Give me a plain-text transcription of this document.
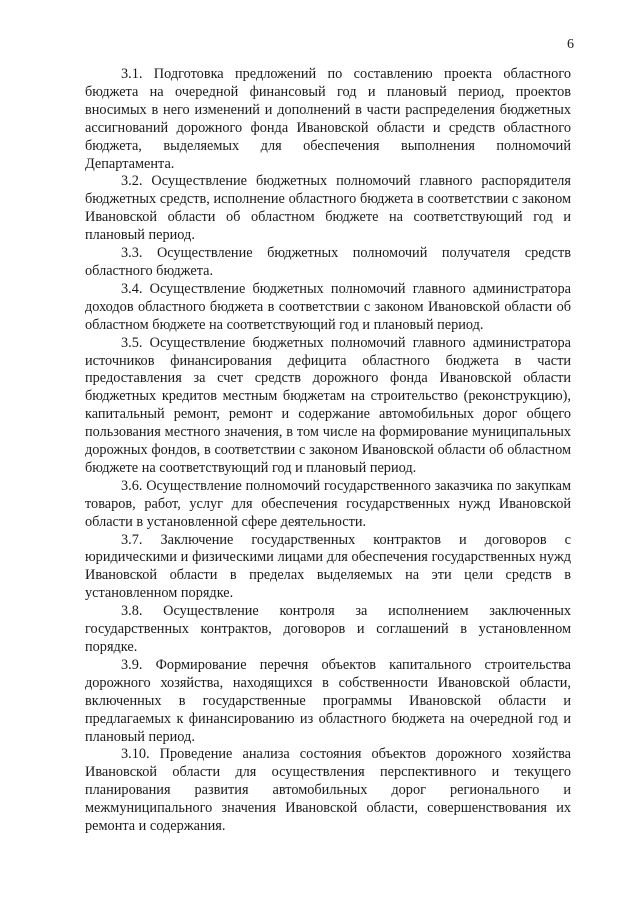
6

3.1. Подготовка предложений по составлению проекта областного бюджета на очередной финансовый год и плановый период, проектов вносимых в него изменений и дополнений в части распределения бюджетных ассигнований дорожного фонда Ивановской области и средств областного бюджета, выделяемых для обеспечения выполнения полномочий Департамента.

3.2. Осуществление бюджетных полномочий главного распорядителя бюджетных средств, исполнение областного бюджета в соответствии с законом Ивановской области об областном бюджете на соответствующий год и плановый период.

3.3. Осуществление бюджетных полномочий получателя средств областного бюджета.

3.4. Осуществление бюджетных полномочий главного администратора доходов областного бюджета в соответствии с законом Ивановской области об областном бюджете на соответствующий год и плановый период.

3.5. Осуществление бюджетных полномочий главного администратора источников финансирования дефицита областного бюджета в части предоставления за счет средств дорожного фонда Ивановской области бюджетных кредитов местным бюджетам на строительство (реконструкцию), капитальный ремонт, ремонт и содержание автомобильных дорог общего пользования местного значения, в том числе на формирование муниципальных дорожных фондов, в соответствии с законом Ивановской области об областном бюджете на соответствующий год и плановый период.

3.6. Осуществление полномочий государственного заказчика по закупкам товаров, работ, услуг для обеспечения государственных нужд Ивановской области в установленной сфере деятельности.

3.7. Заключение государственных контрактов и договоров с юридическими и физическими лицами для обеспечения государственных нужд Ивановской области в пределах выделяемых на эти цели средств в установленном порядке.

3.8. Осуществление контроля за исполнением заключенных государственных контрактов, договоров и соглашений в установленном порядке.

3.9. Формирование перечня объектов капитального строительства дорожного хозяйства, находящихся в собственности Ивановской области, включенных в государственные программы Ивановской области и предлагаемых к финансированию из областного бюджета на очередной год и плановый период.

3.10. Проведение анализа состояния объектов дорожного хозяйства Ивановской области для осуществления перспективного и текущего планирования развития автомобильных дорог регионального и межмуниципального значения Ивановской области, совершенствования их ремонта и содержания.
